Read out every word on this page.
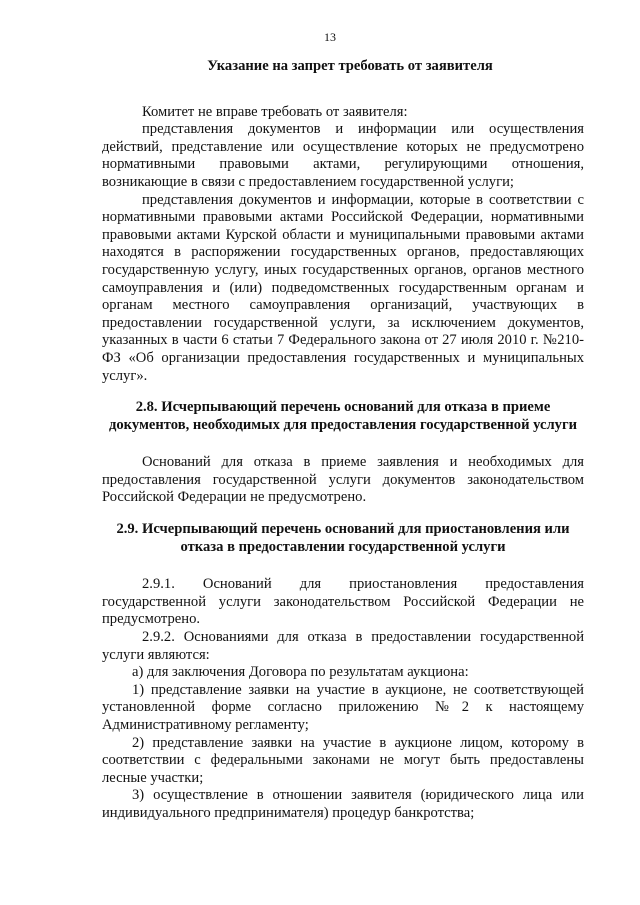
13

Указание на запрет требовать от заявителя

Комитет не вправе требовать от заявителя:

представления документов и информации или осуществления действий, представление или осуществление которых не предусмотрено нормативными правовыми актами, регулирующими отношения, возникающие в связи с предоставлением государственной услуги;

представления документов и информации, которые в соответствии с нормативными правовыми актами Российской Федерации, нормативными правовыми актами Курской области и муниципальными правовыми актами находятся в распоряжении государственных органов, предоставляющих государственную услугу, иных государственных органов, органов местного самоуправления и (или) подведомственных государственным органам и органам местного самоуправления организаций, участвующих в предоставлении государственной услуги, за исключением документов, указанных в части 6 статьи 7 Федерального закона от 27 июля 2010 г. №210-ФЗ «Об организации предоставления государственных и муниципальных услуг».

2.8. Исчерпывающий перечень оснований для отказа в приеме документов, необходимых для предоставления государственной услуги

Оснований для отказа в приеме заявления и необходимых для предоставления государственной услуги документов законодательством Российской Федерации не предусмотрено.

2.9. Исчерпывающий перечень оснований для приостановления или отказа в предоставлении государственной услуги

2.9.1. Оснований для приостановления предоставления государственной услуги законодательством Российской Федерации не предусмотрено.

2.9.2. Основаниями для отказа в предоставлении государственной услуги являются:

а) для заключения Договора по результатам аукциона:

1) представление заявки на участие в аукционе, не соответствующей установленной форме согласно приложению №2 к настоящему Административному регламенту;

2) представление заявки на участие в аукционе лицом, которому в соответствии с федеральными законами не могут быть предоставлены лесные участки;

3) осуществление в отношении заявителя (юридического лица или индивидуального предпринимателя) процедур банкротства;
